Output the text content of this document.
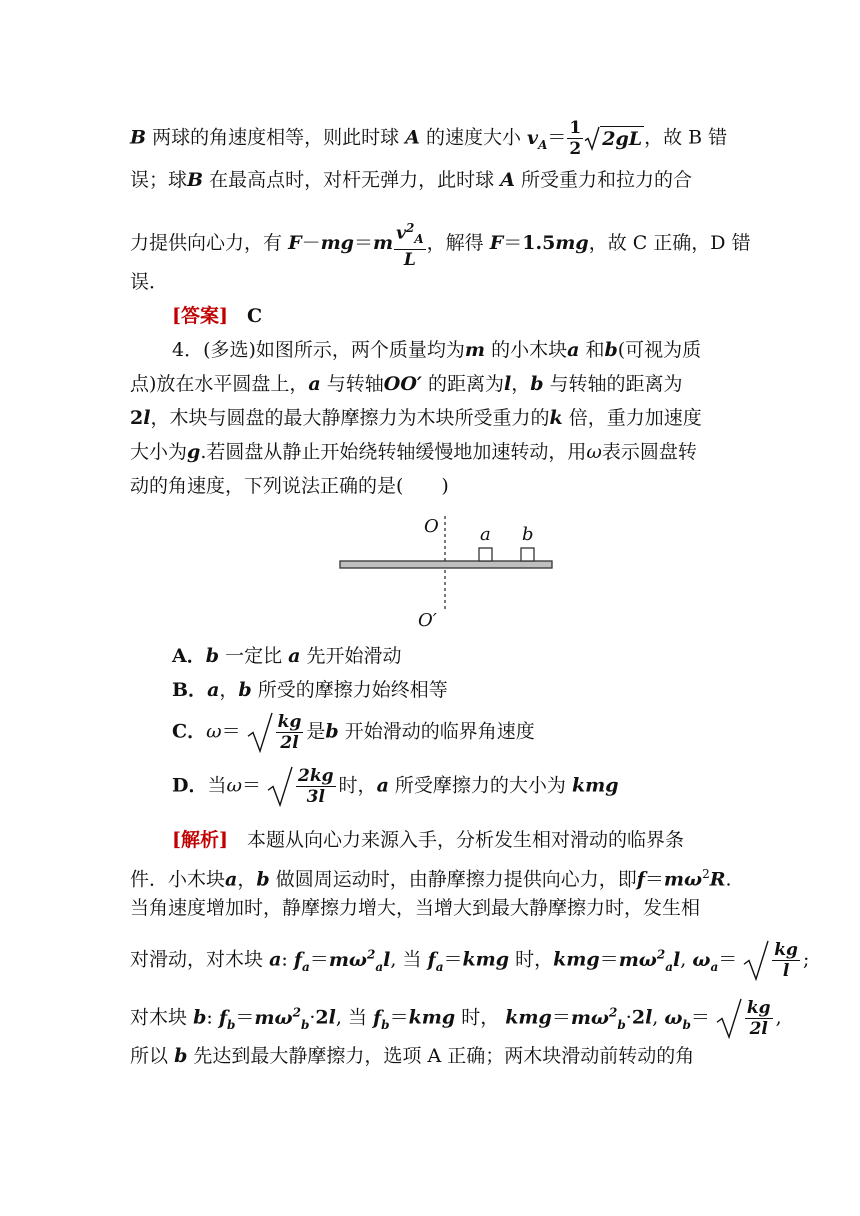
B 两球的角速度相等，则此时球 A 的速度大小 $v_A= \frac{1}{2} 2gL$ ，故 B 错
误；球B 在最高点时，对杆无弹力，此时球 A 所受重力和拉力的合
力提供向心力，有 $F-mg=m \frac{v^2_A}{L}$ ，解得 F＝1.5mg，故 C 正确，D 错
误．
[答案]　 C
4．(多选)如图所示，两个质量均为m 的小木块a 和b(可视为质
点)放在水平圆盘上，a 与转轴OO′ 的距离为l，b 与转轴的距离为
2l，木块与圆盘的最大静摩擦力为木块所受重力的k 倍，重力加速度
大小为g.若圆盘从静止开始绕转轴缓慢地加速转动，用ω表示圆盘转
动的角速度，下列说法正确的是(　　)
O a b
O′
A．b 一定比 a 先开始滑动
B．a，b 所受的摩擦力始终相等
C．$\omega= \frac{kg}{2l}$ 是b 开始滑动的临界角速度
D．当$\omega= \frac{2kg}{3l}$ 时，a 所受摩擦力的大小为 kmg
[解析]　 本题从向心力来源入手，分析发生相对滑动的临界条
件．小木块a，b 做圆周运动时，由静摩擦力提供向心力，即$f=m\omega^2R$.
当角速度增加时，静摩擦力增大，当增大到最大静摩擦力时，发生相
对滑动，对木块 a: $f_a=m\omega^2_al$, 当 $f_a=kmg$ 时，$kmg=m\omega^2_al$, $\omega_a= \frac{kg}{l}$ ;
对木块 b: $f_b=m\omega^2_b\cdot 2l$, 当 $f_b=kmg$ 时， $kmg=m\omega^2_b\cdot 2l$, $\omega_b= \frac{kg}{2l}$ ,
所以 b 先达到最大静摩擦力，选项 A 正确；两木块滑动前转动的角
